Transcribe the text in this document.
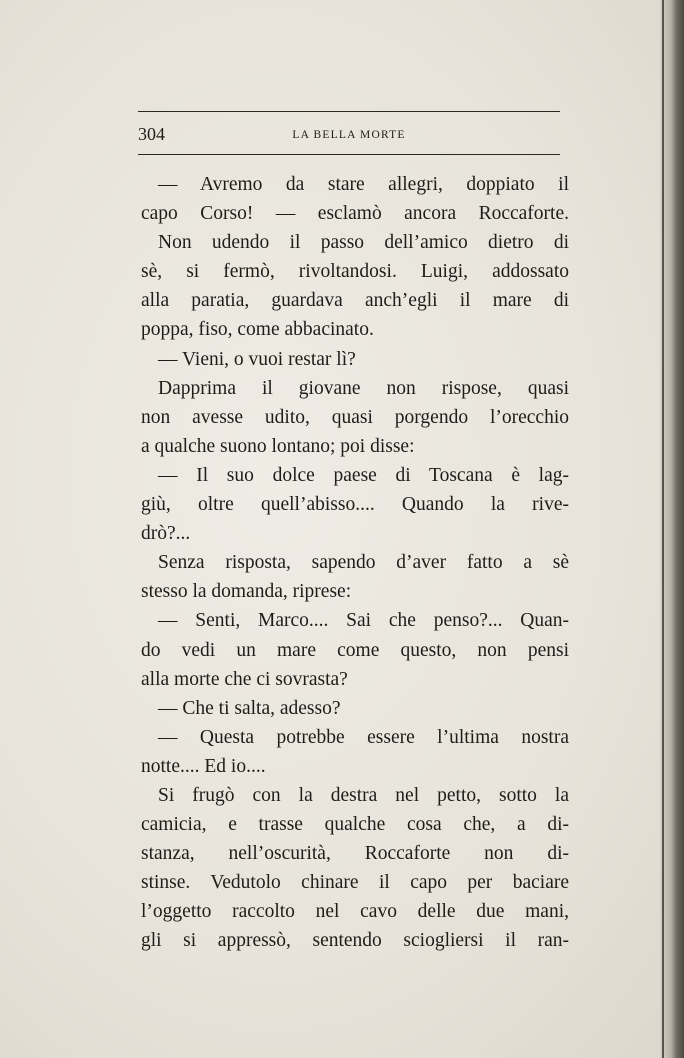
304	LA BELLA MORTE
— Avremo da stare allegri, doppiato il
capo Corso! — esclamò ancora Roccaforte.
Non udendo il passo dell’amico dietro di
sè, si fermò, rivoltandosi. Luigi, addossato
alla paratia, guardava anch’egli il mare di
poppa, fiso, come abbacinato.
— Vieni, o vuoi restar lì?
Dapprima il giovane non rispose, quasi
non avesse udito, quasi porgendo l’orecchio
a qualche suono lontano; poi disse:
— Il suo dolce paese di Toscana è lag-
giù, oltre quell’abisso.... Quando la rive-
drò?...
Senza risposta, sapendo d’aver fatto a sè
stesso la domanda, riprese:
— Senti, Marco.... Sai che penso?... Quan-
do vedi un mare come questo, non pensi
alla morte che ci sovrasta?
— Che ti salta, adesso?
— Questa potrebbe essere l’ultima nostra
notte.... Ed io....
Si frugò con la destra nel petto, sotto la
camicia, e trasse qualche cosa che, a di-
stanza, nell’oscurità, Roccaforte non di-
stinse. Vedutolo chinare il capo per baciare
l’oggetto raccolto nel cavo delle due mani,
gli si appressò, sentendo sciogliersi il ran-
